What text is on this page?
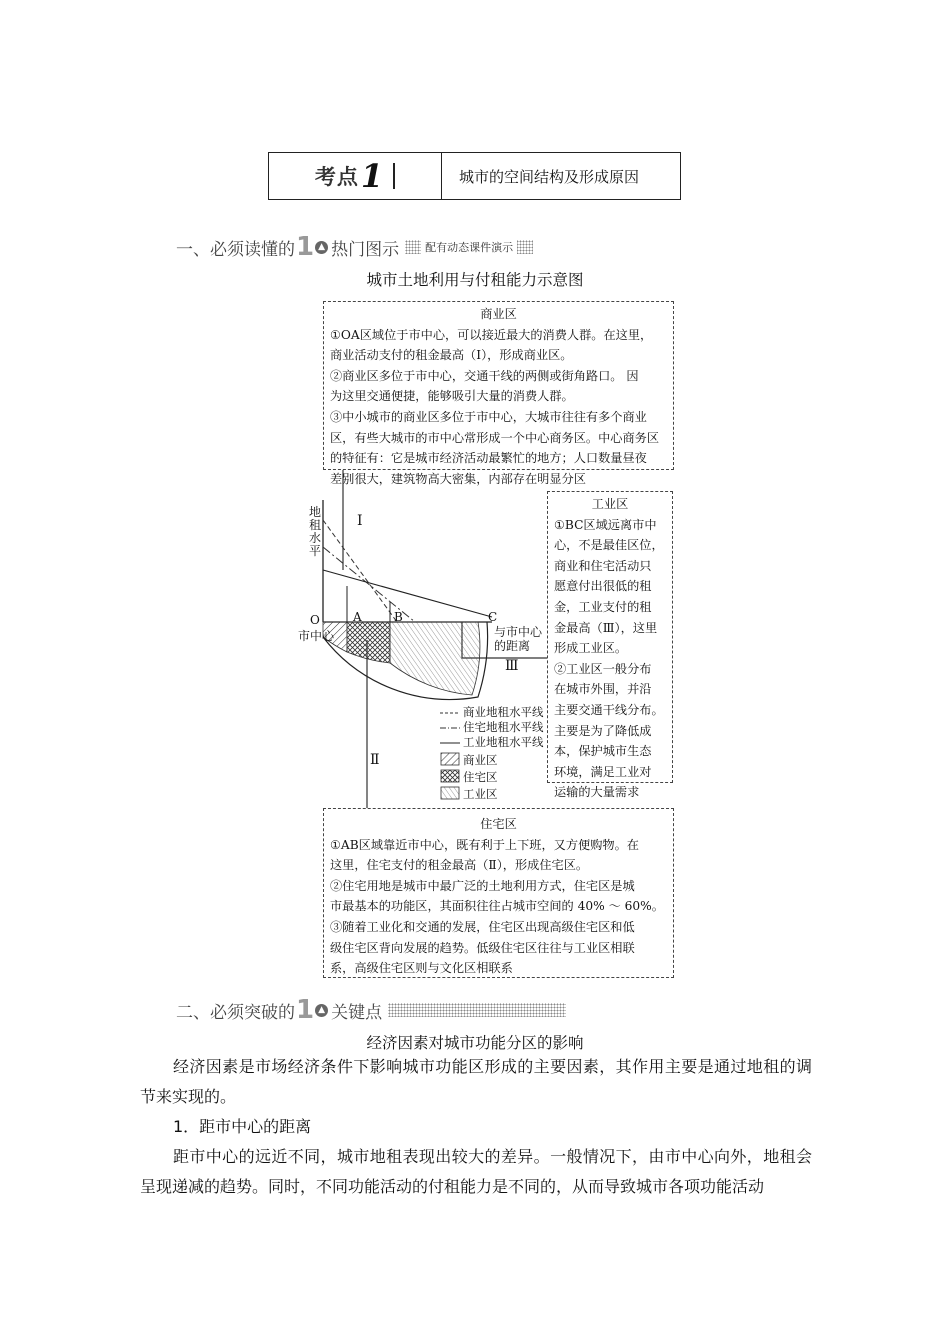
考点 1	城市的空间结构及形成原因
一、必须读懂的 1 ▲ 热门图示	配有动态课件演示
城市土地利用与付租能力示意图
商业区
①OA区域位于市中心，可以接近最大的消费人群。在这里，
商业活动支付的租金最高（Ⅰ），形成商业区。
②商业区多位于市中心，交通干线的两侧或街角路口。 因
为这里交通便捷，能够吸引大量的消费人群。
③中小城市的商业区多位于市中心，大城市往往有多个商业
区，有些大城市的市中心常形成一个中心商务区。中心商务区
的特征有：它是城市经济活动最繁忙的地方；人口数量昼夜
差别很大，建筑物高大密集，内部存在明显分区
工业区
①BC区域远离市中
心，不是最佳区位，
商业和住宅活动只
愿意付出很低的租
金，工业支付的租
金最高（Ⅲ），这里
形成工业区。
②工业区一般分布
在城市外围，并沿
主要交通干线分布。
主要是为了降低成
本，保护城市生态
环境，满足工业对
运输的大量需求
住宅区
①AB区域靠近市中心，既有利于上下班，又方便购物。在
这里，住宅支付的租金最高（Ⅱ），形成住宅区。
②住宅用地是城市中最广泛的土地利用方式，住宅区是城
市最基本的功能区，其面积往往占城市空间的 40% ～ 60%。
③随着工业化和交通的发展，住宅区出现高级住宅区和低
级住宅区背向发展的趋势。低级住宅区往往与工业区相联
系，高级住宅区则与文化区相联系
地
租
水
平
O
市中心
A	B	C
与市中心
的距离
Ⅰ
Ⅱ
Ⅲ
商业地租水平线
住宅地租水平线
工业地租水平线
商业区
住宅区
工业区
二、必须突破的 1 ▲ 关键点
经济因素对城市功能分区的影响

经济因素是市场经济条件下影响城市功能区形成的主要因素，其作用主要是通过地租的调节来实现的。

1．距市中心的距离

距市中心的远近不同，城市地租表现出较大的差异。一般情况下，由市中心向外，地租会呈现递减的趋势。同时，不同功能活动的付租能力是不同的，从而导致城市各项功能活动
